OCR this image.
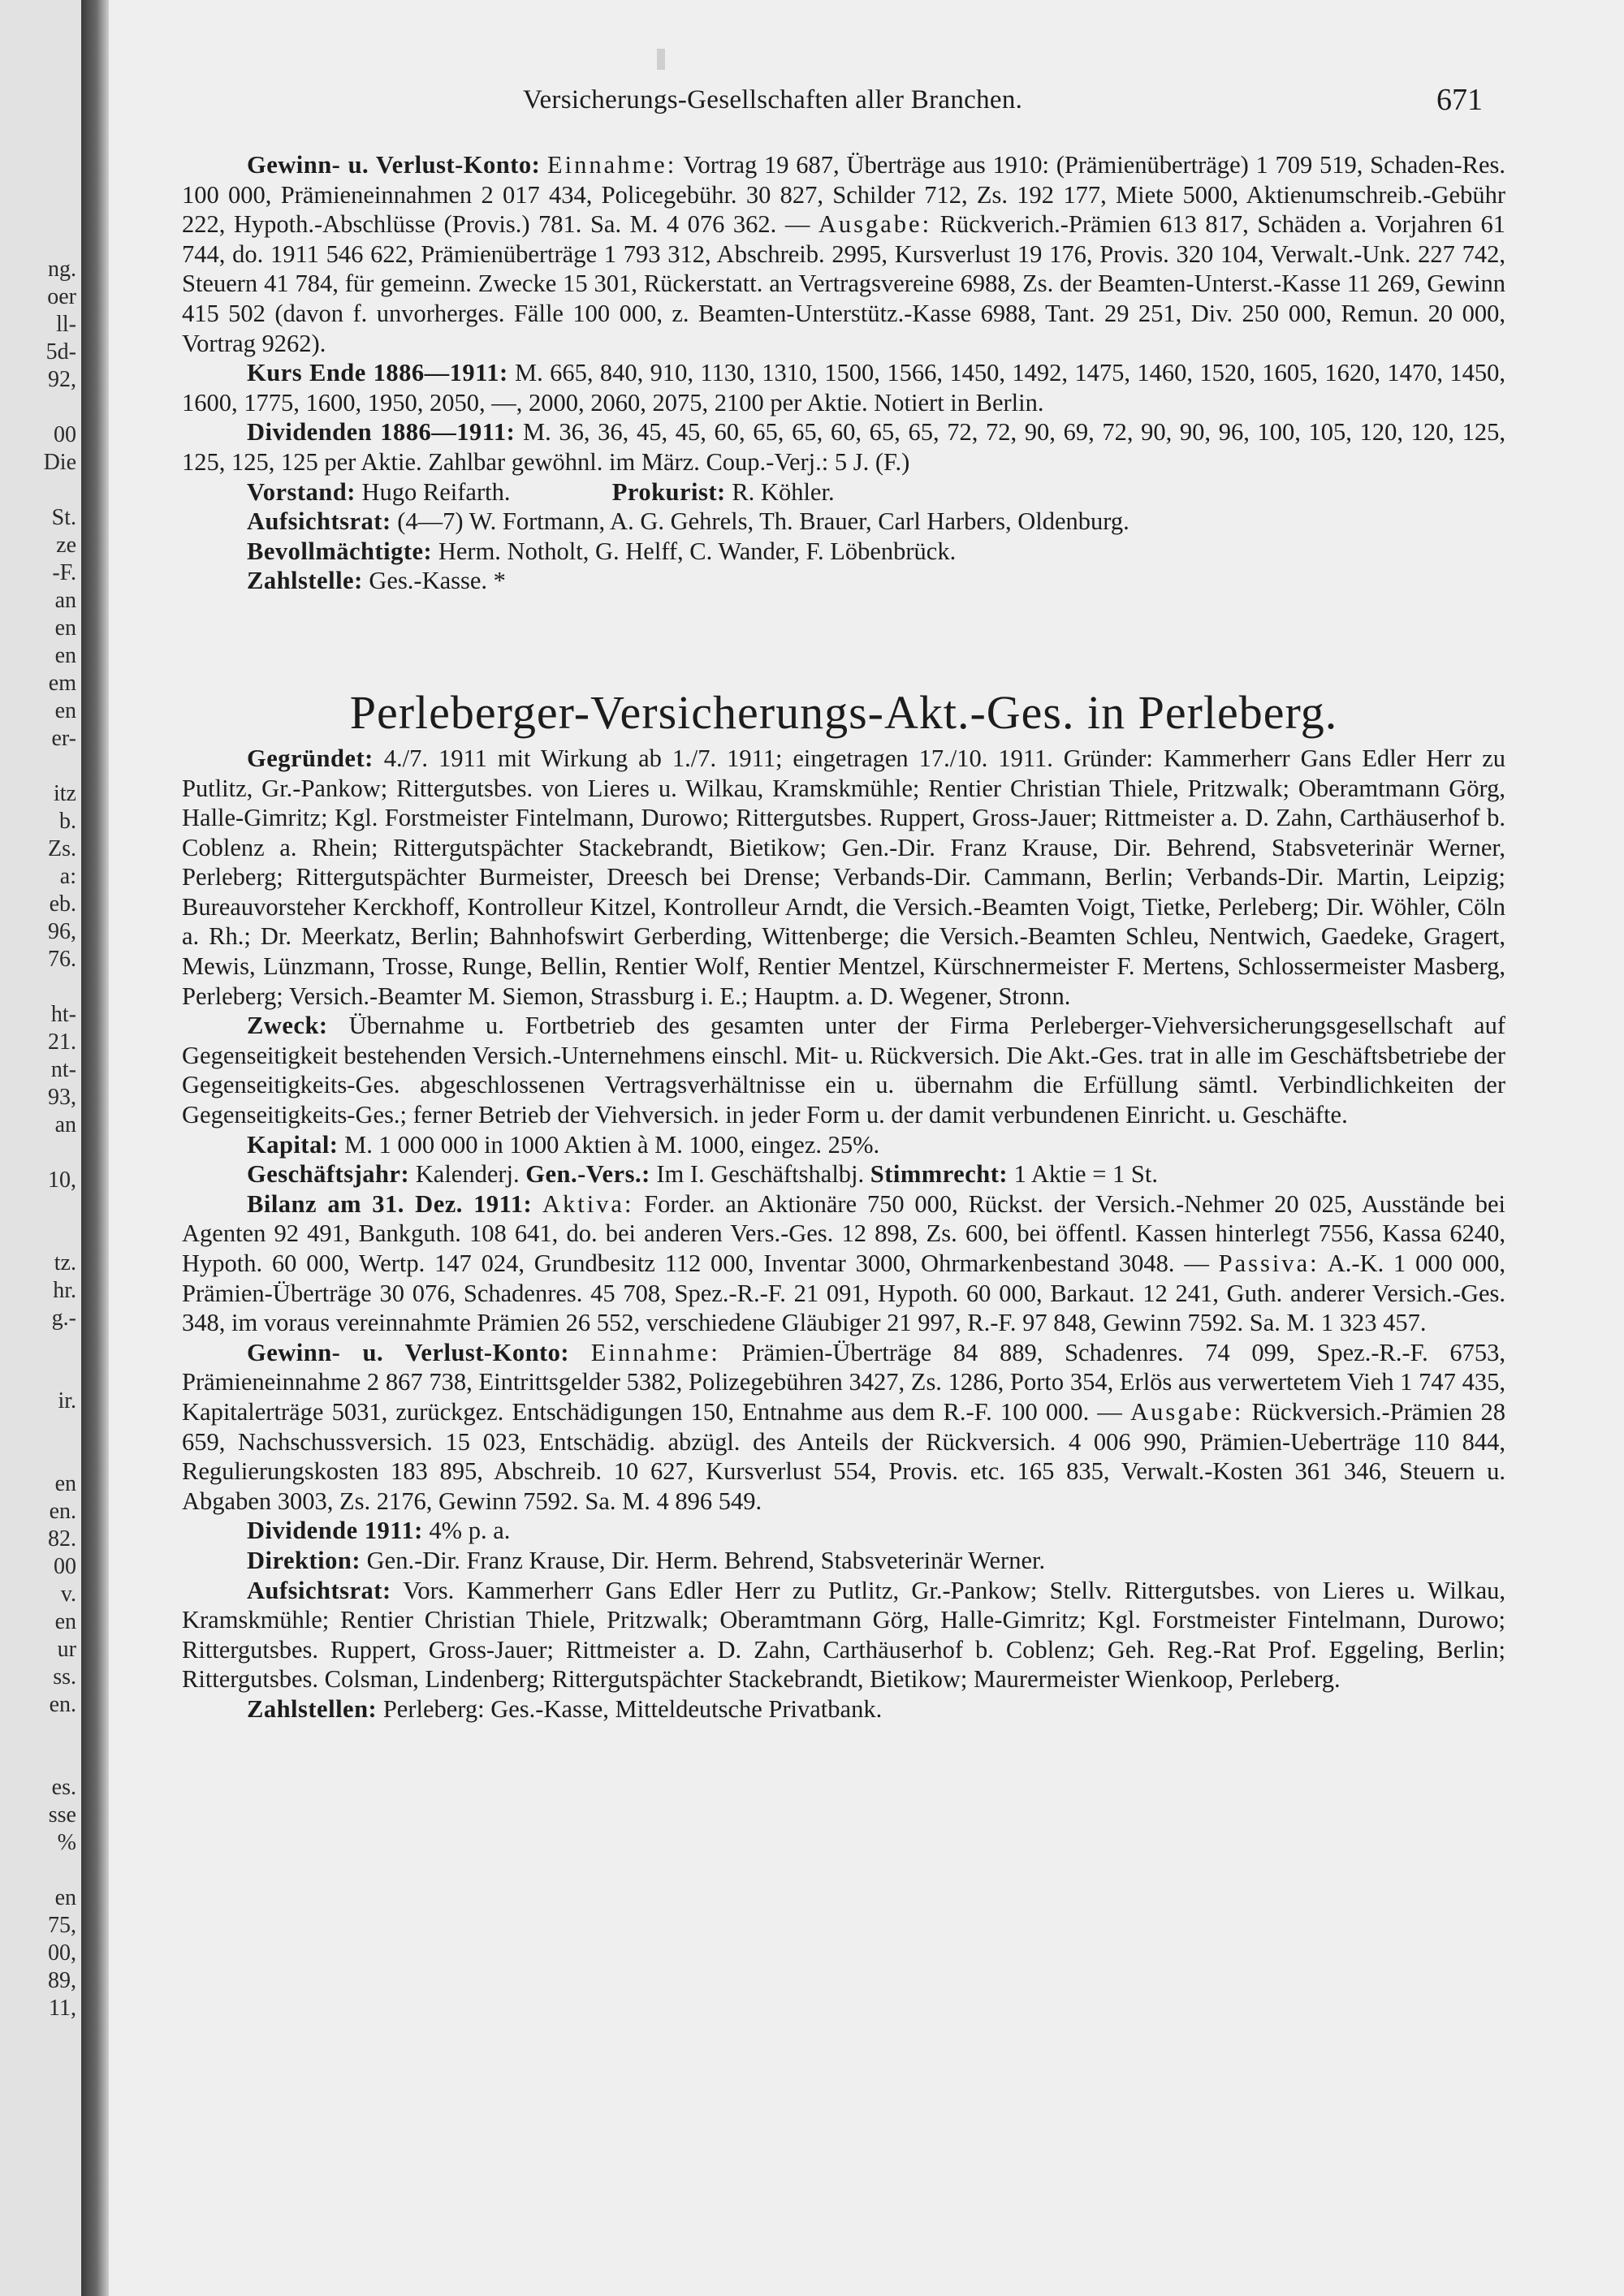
ng.
oer
ll-
5d-
92,

00
Die

St.
ze
-F.
an
en
en
em
en
er-

itz
b.
Zs.
a:
eb.
96,
76.

ht-
21.
nt-
93,
an

10,

tz.
hr.
g.-

ir.

en
en.
82.
00
v.
en
ur
ss.
en.

es.
sse
%

en
75,
00,
89,
11,
Versicherungs-Gesellschaften aller Branchen.	671

Gewinn- u. Verlust-Konto: Einnahme: Vortrag 19 687, Überträge aus 1910: (Prämienüberträge) 1 709 519, Schaden-Res. 100 000, Prämieneinnahmen 2 017 434, Policegebühr. 30 827, Schilder 712, Zs. 192 177, Miete 5000, Aktienumschreib.-Gebühr 222, Hypoth.-Abschlüsse (Provis.) 781. Sa. M. 4 076 362. — Ausgabe: Rückverich.-Prämien 613 817, Schäden a. Vorjahren 61 744, do. 1911 546 622, Prämienüberträge 1 793 312, Abschreib. 2995, Kursverlust 19 176, Provis. 320 104, Verwalt.-Unk. 227 742, Steuern 41 784, für gemeinn. Zwecke 15 301, Rückerstatt. an Vertragsvereine 6988, Zs. der Beamten-Unterst.-Kasse 11 269, Gewinn 415 502 (davon f. unvorherges. Fälle 100 000, z. Beamten-Unterstütz.-Kasse 6988, Tant. 29 251, Div. 250 000, Remun. 20 000, Vortrag 9262).

Kurs Ende 1886—1911: M. 665, 840, 910, 1130, 1310, 1500, 1566, 1450, 1492, 1475, 1460, 1520, 1605, 1620, 1470, 1450, 1600, 1775, 1600, 1950, 2050, —, 2000, 2060, 2075, 2100 per Aktie. Notiert in Berlin.

Dividenden 1886—1911: M. 36, 36, 45, 45, 60, 65, 65, 60, 65, 65, 72, 72, 90, 69, 72, 90, 90, 96, 100, 105, 120, 120, 125, 125, 125, 125 per Aktie. Zahlbar gewöhnl. im März. Coup.-Verj.: 5 J. (F.)

Vorstand: Hugo Reifarth.	Prokurist: R. Köhler.

Aufsichtsrat: (4—7) W. Fortmann, A. G. Gehrels, Th. Brauer, Carl Harbers, Oldenburg.

Bevollmächtigte: Herm. Notholt, G. Helff, C. Wander, F. Löbenbrück.

Zahlstelle: Ges.-Kasse. *

Perleberger-Versicherungs-Akt.-Ges. in Perleberg.

Gegründet: 4./7. 1911 mit Wirkung ab 1./7. 1911; eingetragen 17./10. 1911. Gründer: Kammerherr Gans Edler Herr zu Putlitz, Gr.-Pankow; Rittergutsbes. von Lieres u. Wilkau, Kramskmühle; Rentier Christian Thiele, Pritzwalk; Oberamtmann Görg, Halle-Gimritz; Kgl. Forstmeister Fintelmann, Durowo; Rittergutsbes. Ruppert, Gross-Jauer; Rittmeister a. D. Zahn, Carthäuserhof b. Coblenz a. Rhein; Rittergutspächter Stackebrandt, Bietikow; Gen.-Dir. Franz Krause, Dir. Behrend, Stabsveterinär Werner, Perleberg; Rittergutspächter Burmeister, Dreesch bei Drense; Verbands-Dir. Cammann, Berlin; Verbands-Dir. Martin, Leipzig; Bureauvorsteher Kerckhoff, Kontrolleur Kitzel, Kontrolleur Arndt, die Versich.-Beamten Voigt, Tietke, Perleberg; Dir. Wöhler, Cöln a. Rh.; Dr. Meerkatz, Berlin; Bahnhofswirt Gerberding, Wittenberge; die Versich.-Beamten Schleu, Nentwich, Gaedeke, Gragert, Mewis, Lünzmann, Trosse, Runge, Bellin, Rentier Wolf, Rentier Mentzel, Kürschnermeister F. Mertens, Schlossermeister Masberg, Perleberg; Versich.-Beamter M. Siemon, Strassburg i. E.; Hauptm. a. D. Wegener, Stronn.

Zweck: Übernahme u. Fortbetrieb des gesamten unter der Firma Perleberger-Viehversicherungsgesellschaft auf Gegenseitigkeit bestehenden Versich.-Unternehmens einschl. Mit- u. Rückversich. Die Akt.-Ges. trat in alle im Geschäftsbetriebe der Gegenseitigkeits-Ges. abgeschlossenen Vertragsverhältnisse ein u. übernahm die Erfüllung sämtl. Verbindlichkeiten der Gegenseitigkeits-Ges.; ferner Betrieb der Viehversich. in jeder Form u. der damit verbundenen Einricht. u. Geschäfte.

Kapital: M. 1 000 000 in 1000 Aktien à M. 1000, eingez. 25%.

Geschäftsjahr: Kalenderj. Gen.-Vers.: Im I. Geschäftshalbj. Stimmrecht: 1 Aktie = 1 St.

Bilanz am 31. Dez. 1911: Aktiva: Forder. an Aktionäre 750 000, Rückst. der Versich.-Nehmer 20 025, Ausstände bei Agenten 92 491, Bankguth. 108 641, do. bei anderen Vers.-Ges. 12 898, Zs. 600, bei öffentl. Kassen hinterlegt 7556, Kassa 6240, Hypoth. 60 000, Wertp. 147 024, Grundbesitz 112 000, Inventar 3000, Ohrmarkenbestand 3048. — Passiva: A.-K. 1 000 000, Prämien-Überträge 30 076, Schadenres. 45 708, Spez.-R.-F. 21 091, Hypoth. 60 000, Barkaut. 12 241, Guth. anderer Versich.-Ges. 348, im voraus vereinnahmte Prämien 26 552, verschiedene Gläubiger 21 997, R.-F. 97 848, Gewinn 7592. Sa. M. 1 323 457.

Gewinn- u. Verlust-Konto: Einnahme: Prämien-Überträge 84 889, Schadenres. 74 099, Spez.-R.-F. 6753, Prämieneinnahme 2 867 738, Eintrittsgelder 5382, Polizegebühren 3427, Zs. 1286, Porto 354, Erlös aus verwertetem Vieh 1 747 435, Kapitalerträge 5031, zurückgez. Entschädigungen 150, Entnahme aus dem R.-F. 100 000. — Ausgabe: Rückversich.-Prämien 28 659, Nachschussversich. 15 023, Entschädig. abzügl. des Anteils der Rückversich. 4 006 990, Prämien-Ueberträge 110 844, Regulierungskosten 183 895, Abschreib. 10 627, Kursverlust 554, Provis. etc. 165 835, Verwalt.-Kosten 361 346, Steuern u. Abgaben 3003, Zs. 2176, Gewinn 7592. Sa. M. 4 896 549.

Dividende 1911: 4% p. a.

Direktion: Gen.-Dir. Franz Krause, Dir. Herm. Behrend, Stabsveterinär Werner.

Aufsichtsrat: Vors. Kammerherr Gans Edler Herr zu Putlitz, Gr.-Pankow; Stellv. Rittergutsbes. von Lieres u. Wilkau, Kramskmühle; Rentier Christian Thiele, Pritzwalk; Oberamtmann Görg, Halle-Gimritz; Kgl. Forstmeister Fintelmann, Durowo; Rittergutsbes. Ruppert, Gross-Jauer; Rittmeister a. D. Zahn, Carthäuserhof b. Coblenz; Geh. Reg.-Rat Prof. Eggeling, Berlin; Rittergutsbes. Colsman, Lindenberg; Rittergutspächter Stackebrandt, Bietikow; Maurermeister Wienkoop, Perleberg.

Zahlstellen: Perleberg: Ges.-Kasse, Mitteldeutsche Privatbank.
